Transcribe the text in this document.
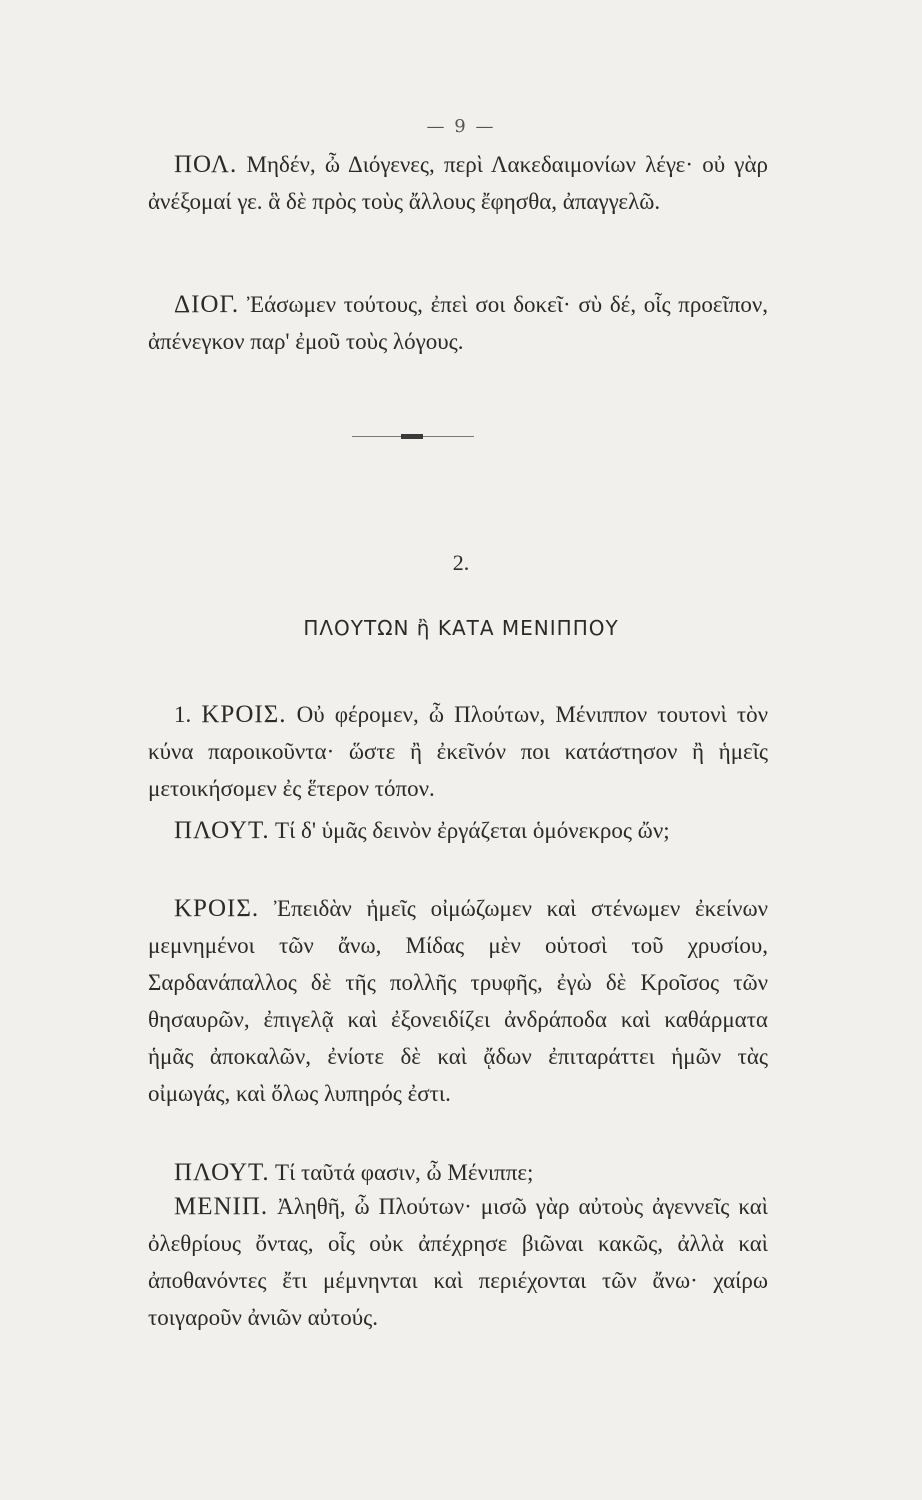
— 9 —

ΠΟΛ. Μηδέν, ὦ Διόγενες, περὶ Λακεδαιμονίων λέγε· οὐ γὰρ ἀνέξομαί γε. ἃ δὲ πρὸς τοὺς ἄλλους ἔφησθα, ἀπαγγελῶ.

ΔΙΟΓ. Ἐάσωμεν τούτους, ἐπεὶ σοι δοκεῖ· σὺ δέ, οἷς προεῖπον, ἀπένεγκον παρ' ἐμοῦ τοὺς λόγους.

2.
ΠΛΟΥΤΩΝ ἢ ΚΑΤΑ ΜΕΝΙΠΠΟΥ

1. ΚΡΟΙΣ. Οὐ φέρομεν, ὦ Πλούτων, Μένιππον τουτονὶ τὸν κύνα παροικοῦντα· ὥστε ἢ ἐκεῖνόν ποι κατάστησον ἢ ἡμεῖς μετοικήσομεν ἐς ἕτερον τόπον.

ΠΛΟΥΤ. Τί δ' ὑμᾶς δεινὸν ἐργάζεται ὁμόνεκρος ὤν;

ΚΡΟΙΣ. Ἐπειδὰν ἡμεῖς οἰμώζωμεν καὶ στένωμεν ἐκείνων μεμνημένοι τῶν ἄνω, Μίδας μὲν οὑτοσὶ τοῦ χρυσίου, Σαρδανάπαλλος δὲ τῆς πολλῆς τρυφῆς, ἐγὼ δὲ Κροῖσος τῶν θησαυρῶν, ἐπιγελᾷ καὶ ἐξονειδίζει ἀνδράποδα καὶ καθάρματα ἡμᾶς ἀποκαλῶν, ἐνίοτε δὲ καὶ ᾄδων ἐπιταράττει ἡμῶν τὰς οἰμωγάς, καὶ ὅλως λυπηρός ἐστι.

ΠΛΟΥΤ. Τί ταῦτά φασιν, ὦ Μένιππε;

ΜΕΝΙΠ. Ἀληθῆ, ὦ Πλούτων· μισῶ γὰρ αὐτοὺς ἀγεννεῖς καὶ ὀλεθρίους ὄντας, οἷς οὐκ ἀπέχρησε βιῶναι κακῶς, ἀλλὰ καὶ ἀποθανόντες ἔτι μέμνηνται καὶ περιέχονται τῶν ἄνω· χαίρω τοιγαροῦν ἀνιῶν αὐτούς.
